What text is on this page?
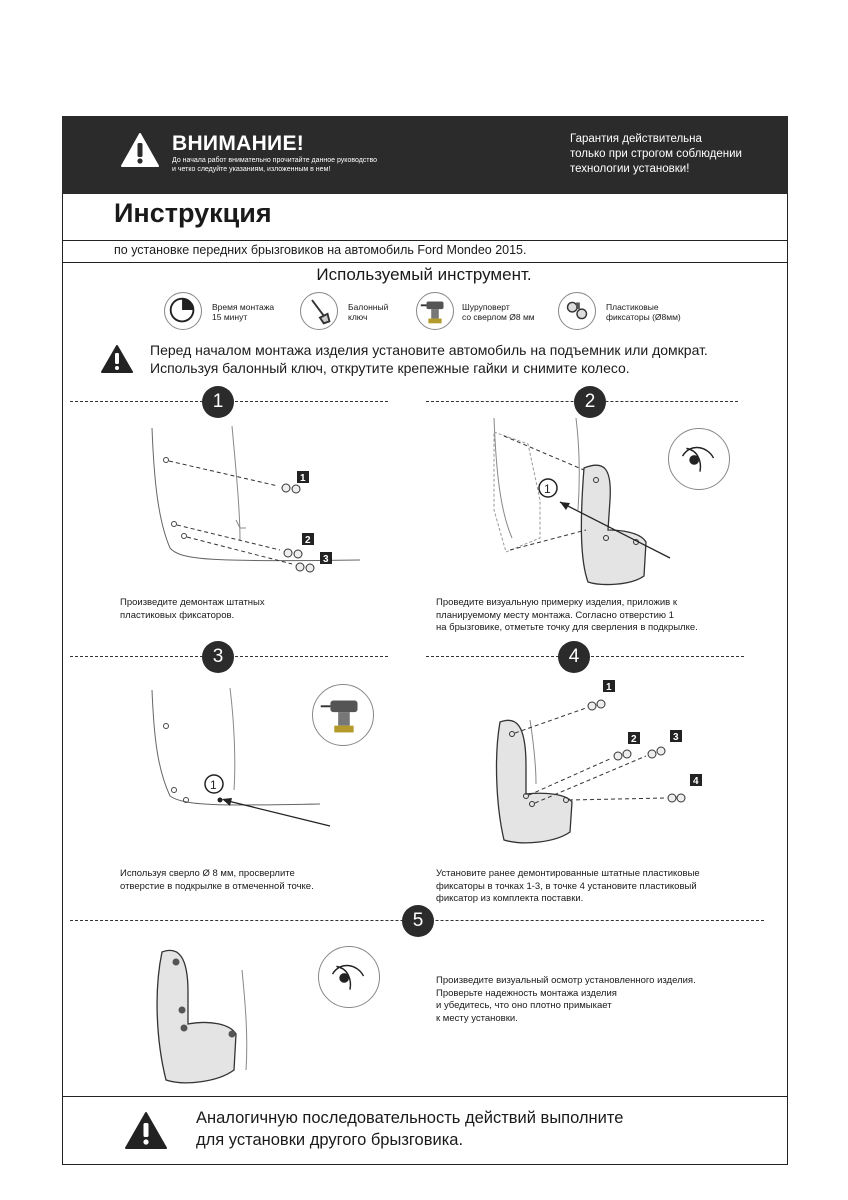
ВНИМАНИЕ!
До начала работ внимательно прочитайте данное руководство
и четко следуйте указаниям, изложенным в нем!
Гарантия действительна
только при строгом соблюдении
технологии установки!
Инструкция
по установке передних брызговиков на автомобиль Ford Mondeo 2015.
Используемый инструмент.
Время монтажа
15 минут
Балонный
ключ
Шуруповерт
со сверлом Ø8 мм
Пластиковые
фиксаторы (Ø8мм)
Перед началом монтажа изделия установите автомобиль на подъемник или домкрат.
Используя балонный ключ, открутите крепежные гайки и снимите колесо.
1	2
3	4
5
1
2
3
Произведите демонтаж штатных
пластиковых фиксаторов.
1
Проведите визуальную примерку изделия, приложив к
планируемому месту монтажа. Согласно отверстию 1
на брызговике, отметьте точку для сверления в подкрылке.
1
Используя сверло Ø 8 мм, просверлите
отверстие в подкрылке в отмеченной точке.
1
2	3
4
Установите ранее демонтированные штатные пластиковые
фиксаторы в точках 1-3, в точке 4 установите пластиковый
фиксатор из комплекта поставки.
Произведите визуальный осмотр установленного изделия.
Проверьте надежность монтажа изделия
и убедитесь, что оно плотно примыкает
к месту установки.
Аналогичную последовательность действий выполните
для установки другого брызговика.
